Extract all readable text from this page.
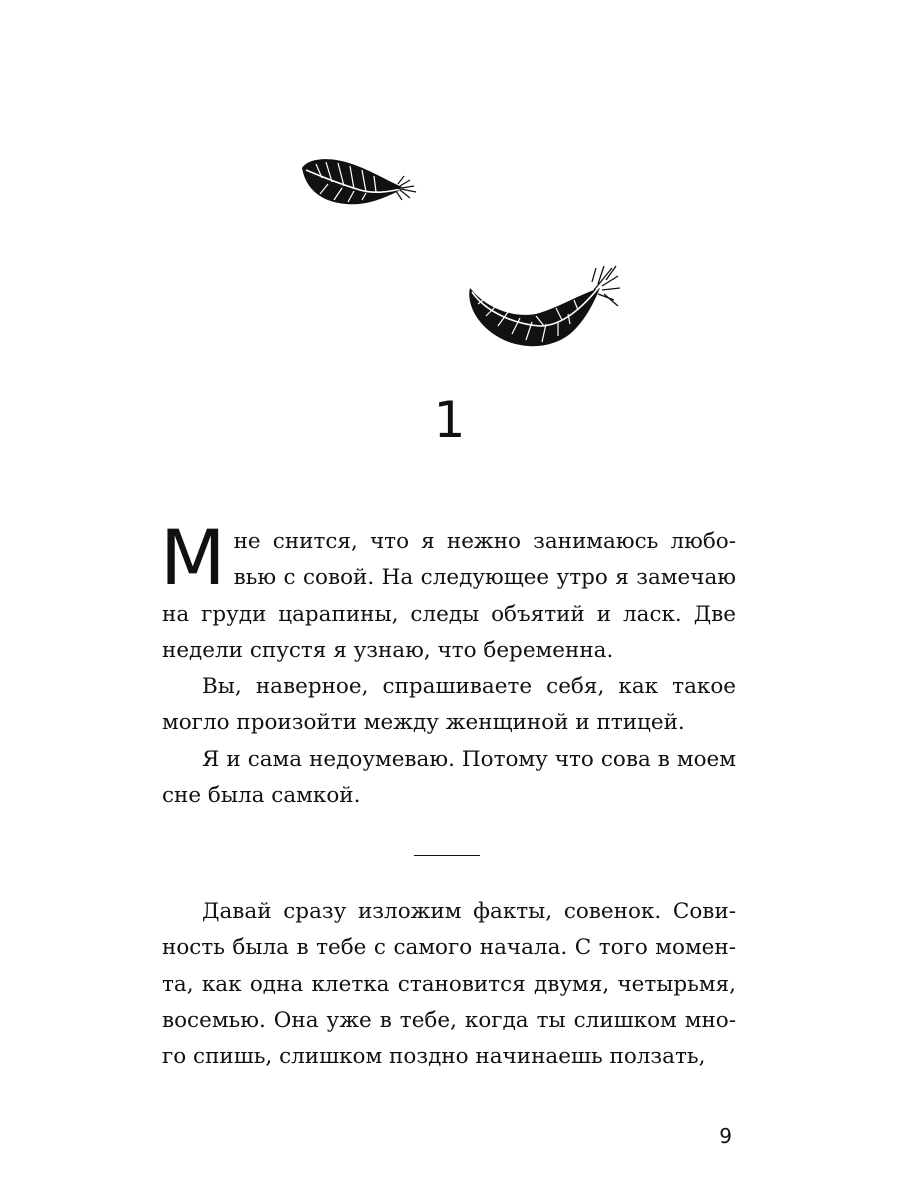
1

Мне снится, что я нежно занимаюсь любовью с совой. На следующее утро я замечаю на груди царапины, следы объятий и ласк. Две недели спустя я узнаю, что беременна.

Вы, наверное, спрашиваете себя, как такое могло произойти между женщиной и птицей.

Я и сама недоумеваю. Потому что сова в моем сне была самкой.

Давай сразу изложим факты, совенок. Совиность была в тебе с самого начала. С того момента, как одна клетка становится двумя, четырьмя, восемью. Она уже в тебе, когда ты слишком много спишь, слишком поздно начинаешь ползать,

9
